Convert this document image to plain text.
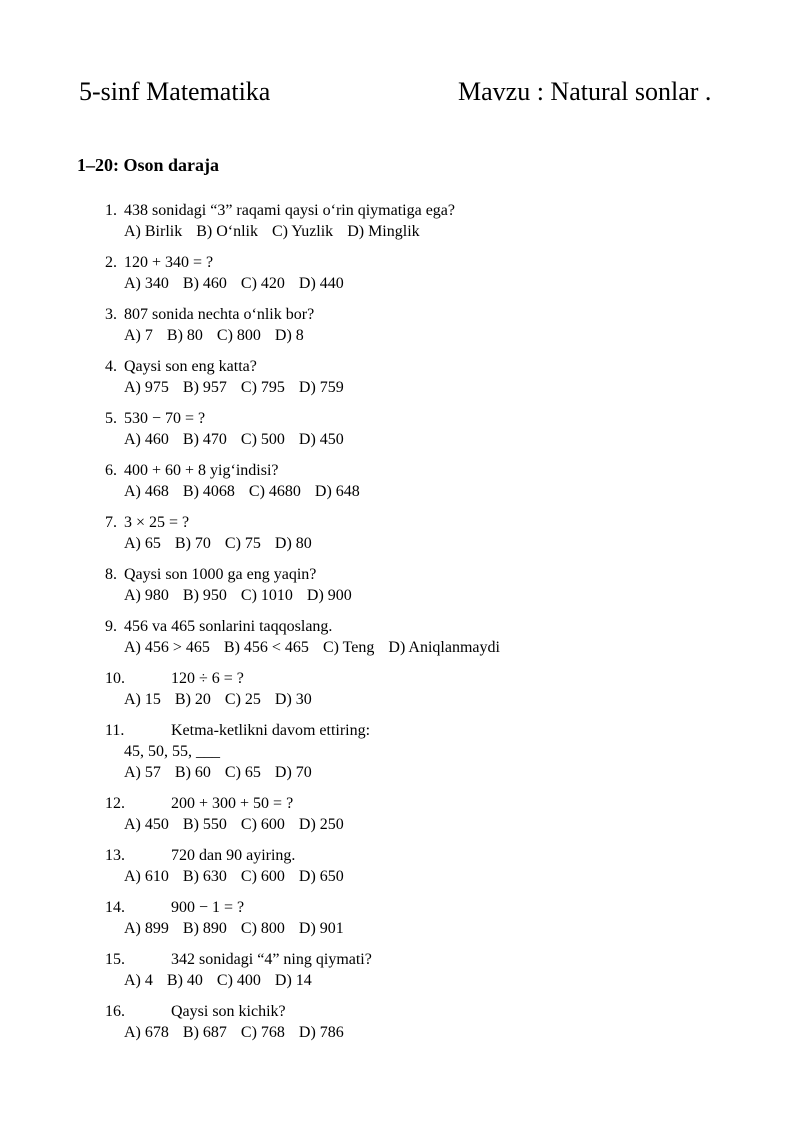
5-sinf Matematika	Mavzu : Natural sonlar .
1–20: Oson daraja
1. 438 sonidagi “3” raqami qaysi o‘rin qiymatiga ega?
A) Birlik B) O‘nlik C) Yuzlik D) Minglik
2. 120 + 340 = ?
A) 340 B) 460 C) 420 D) 440
3. 807 sonida nechta o‘nlik bor?
A) 7 B) 80 C) 800 D) 8
4. Qaysi son eng katta?
A) 975 B) 957 C) 795 D) 759
5. 530 − 70 = ?
A) 460 B) 470 C) 500 D) 450
6. 400 + 60 + 8 yig‘indisi?
A) 468 B) 4068 C) 4680 D) 648
7. 3 × 25 = ?
A) 65 B) 70 C) 75 D) 80
8. Qaysi son 1000 ga eng yaqin?
A) 980 B) 950 C) 1010 D) 900
9. 456 va 465 sonlarini taqqoslang.
A) 456 > 465 B) 456 < 465 C) Teng D) Aniqlanmaydi
10.	120 ÷ 6 = ?
A) 15 B) 20 C) 25 D) 30
11.	Ketma-ketlikni davom ettiring:
45, 50, 55, ___
A) 57 B) 60 C) 65 D) 70
12.	200 + 300 + 50 = ?
A) 450 B) 550 C) 600 D) 250
13.	720 dan 90 ayiring.
A) 610 B) 630 C) 600 D) 650
14.	900 − 1 = ?
A) 899 B) 890 C) 800 D) 901
15.	342 sonidagi “4” ning qiymati?
A) 4 B) 40 C) 400 D) 14
16.	Qaysi son kichik?
A) 678 B) 687 C) 768 D) 786
